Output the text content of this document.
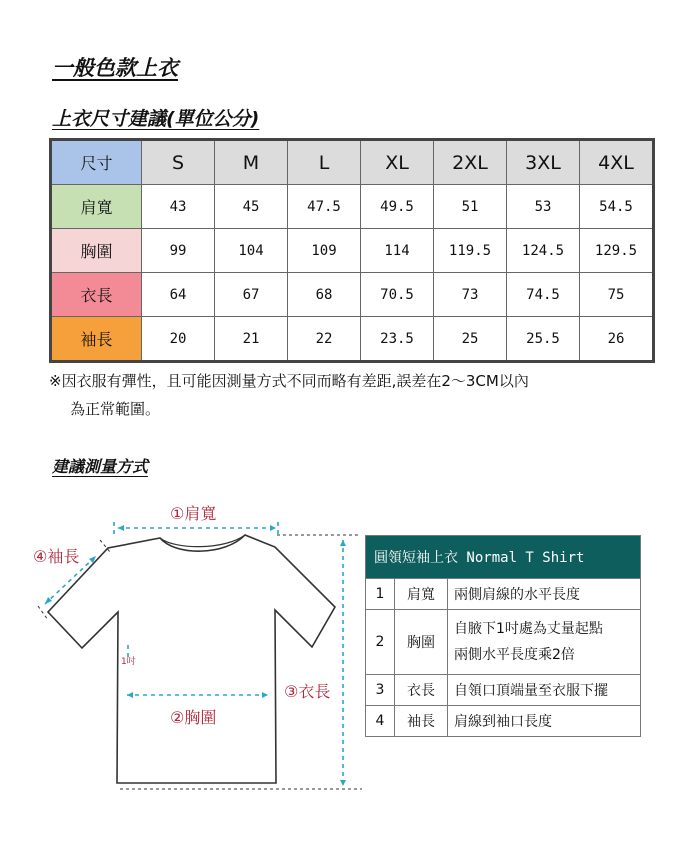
一般色款上衣
上衣尺寸建議(單位公分)
尺寸	S	M	L	XL	2XL	3XL	4XL
肩寬	43	45	47.5	49.5	51	53	54.5
胸圍	99	104	109	114	119.5	124.5	129.5
衣長	64	67	68	70.5	73	74.5	75
袖長	20	21	22	23.5	25	25.5	26
※因衣服有彈性，且可能因測量方式不同而略有差距,誤差在2～3CM以內
為正常範圍。
建議測量方式
①肩寬
④袖長
②胸圍
③衣長
1吋
圓領短袖上衣 Normal T Shirt		
1	肩寬	兩側肩線的水平長度
2	胸圍	自腋下1吋處為丈量起點
兩側水平長度乘2倍

3	衣長	自領口頂端量至衣服下擺
4	袖長	肩線到袖口長度
